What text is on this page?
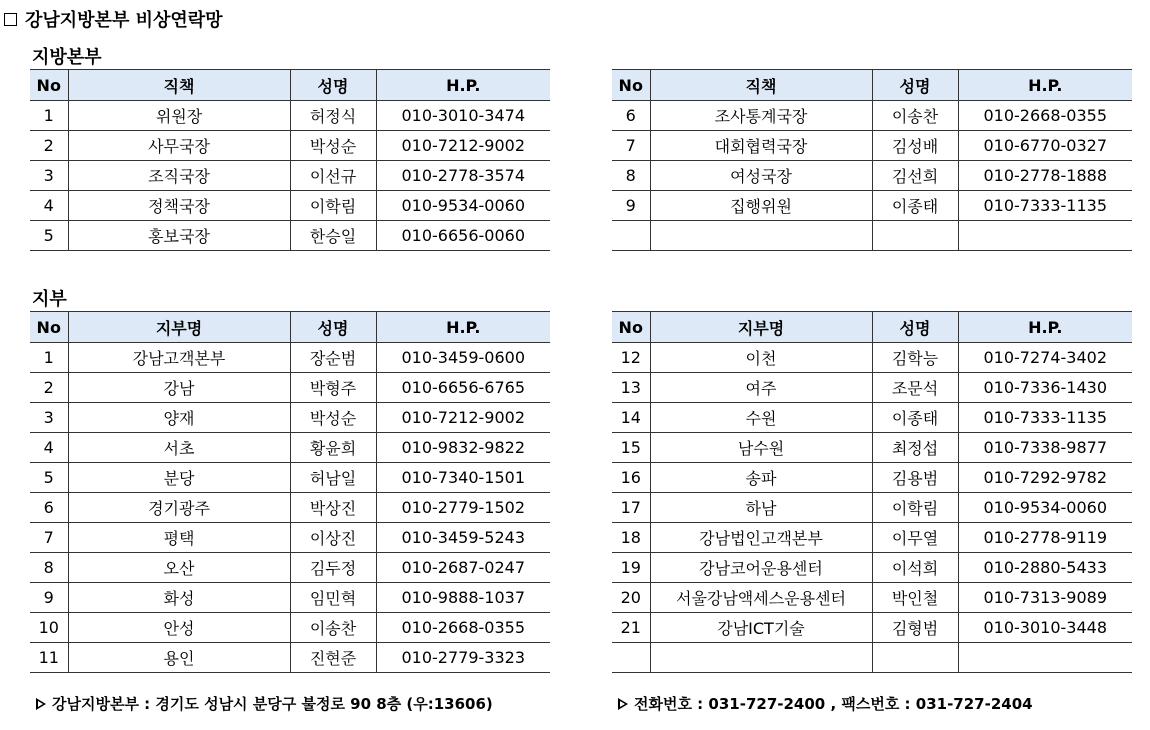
강남지방본부 비상연락망
지방본부
No	직책	성명	H.P.
1	위원장	허정식	010-3010-3474
2	사무국장	박성순	010-7212-9002
3	조직국장	이선규	010-2778-3574
4	정책국장	이학림	010-9534-0060
5	홍보국장	한승일	010-6656-0060
No	직책	성명	H.P.
6	조사통계국장	이송찬	010-2668-0355
7	대회협력국장	김성배	010-6770-0327
8	여성국장	김선희	010-2778-1888
9	집행위원	이종태	010-7333-1135

지부
No	지부명	성명	H.P.
1	강남고객본부	장순범	010-3459-0600
2	강남	박형주	010-6656-6765
3	양재	박성순	010-7212-9002
4	서초	황윤희	010-9832-9822
5	분당	허남일	010-7340-1501
6	경기광주	박상진	010-2779-1502
7	평택	이상진	010-3459-5243
8	오산	김두정	010-2687-0247
9	화성	임민혁	010-9888-1037
10	안성	이송찬	010-2668-0355
11	용인	진현준	010-2779-3323
No	지부명	성명	H.P.
12	이천	김학능	010-7274-3402
13	여주	조문석	010-7336-1430
14	수원	이종태	010-7333-1135
15	남수원	최정섭	010-7338-9877
16	송파	김용범	010-7292-9782
17	하남	이학림	010-9534-0060
18	강남법인고객본부	이무열	010-2778-9119
19	강남코어운용센터	이석희	010-2880-5433
20	서울강남액세스운용센터	박인철	010-7313-9089
21	강남ICT기술	김형범	010-3010-3448

강남지방본부 : 경기도 성남시 분당구 불정로 90 8층 (우:13606)	전화번호 : 031-727-2400 , 팩스번호 : 031-727-2404
